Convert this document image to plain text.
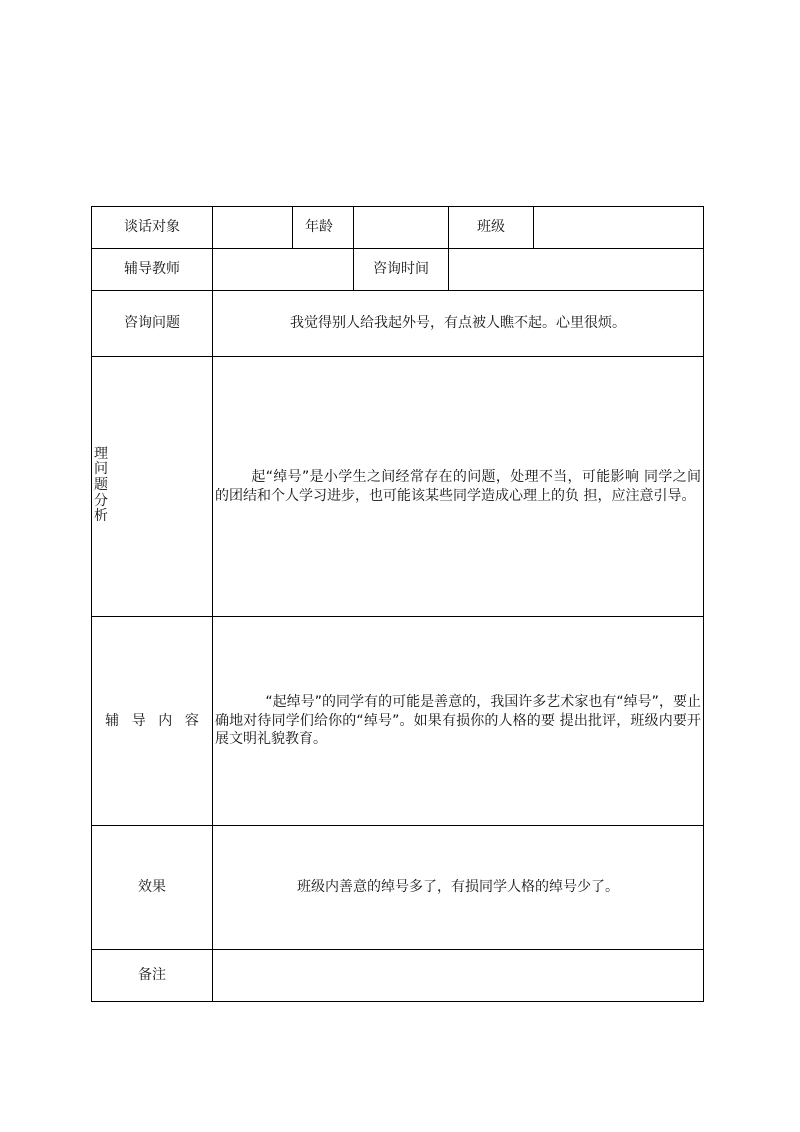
谈话对象		年龄		班级	
辅导教师			咨询时间		
咨询问题	我觉得别人给我起外号，有点被人瞧不起。心里很烦。				
理问题分析	起“绰号”是小学生之间经常存在的问题，处理不当，可能影响 同学之间的团结和个人学习进步，也可能该某些同学造成心理上的负 担，应注意引导。				
辅导内容	“起绰号”的同学有的可能是善意的，我国许多艺术家也有“绰号”，要止确地对待同学们给你的“绰号”。如果有损你的人格的要 提出批评，班级内要开展文明礼貌教育。				
效果	班级内善意的绰号多了，有损同学人格的绰号少了。				
备注					
